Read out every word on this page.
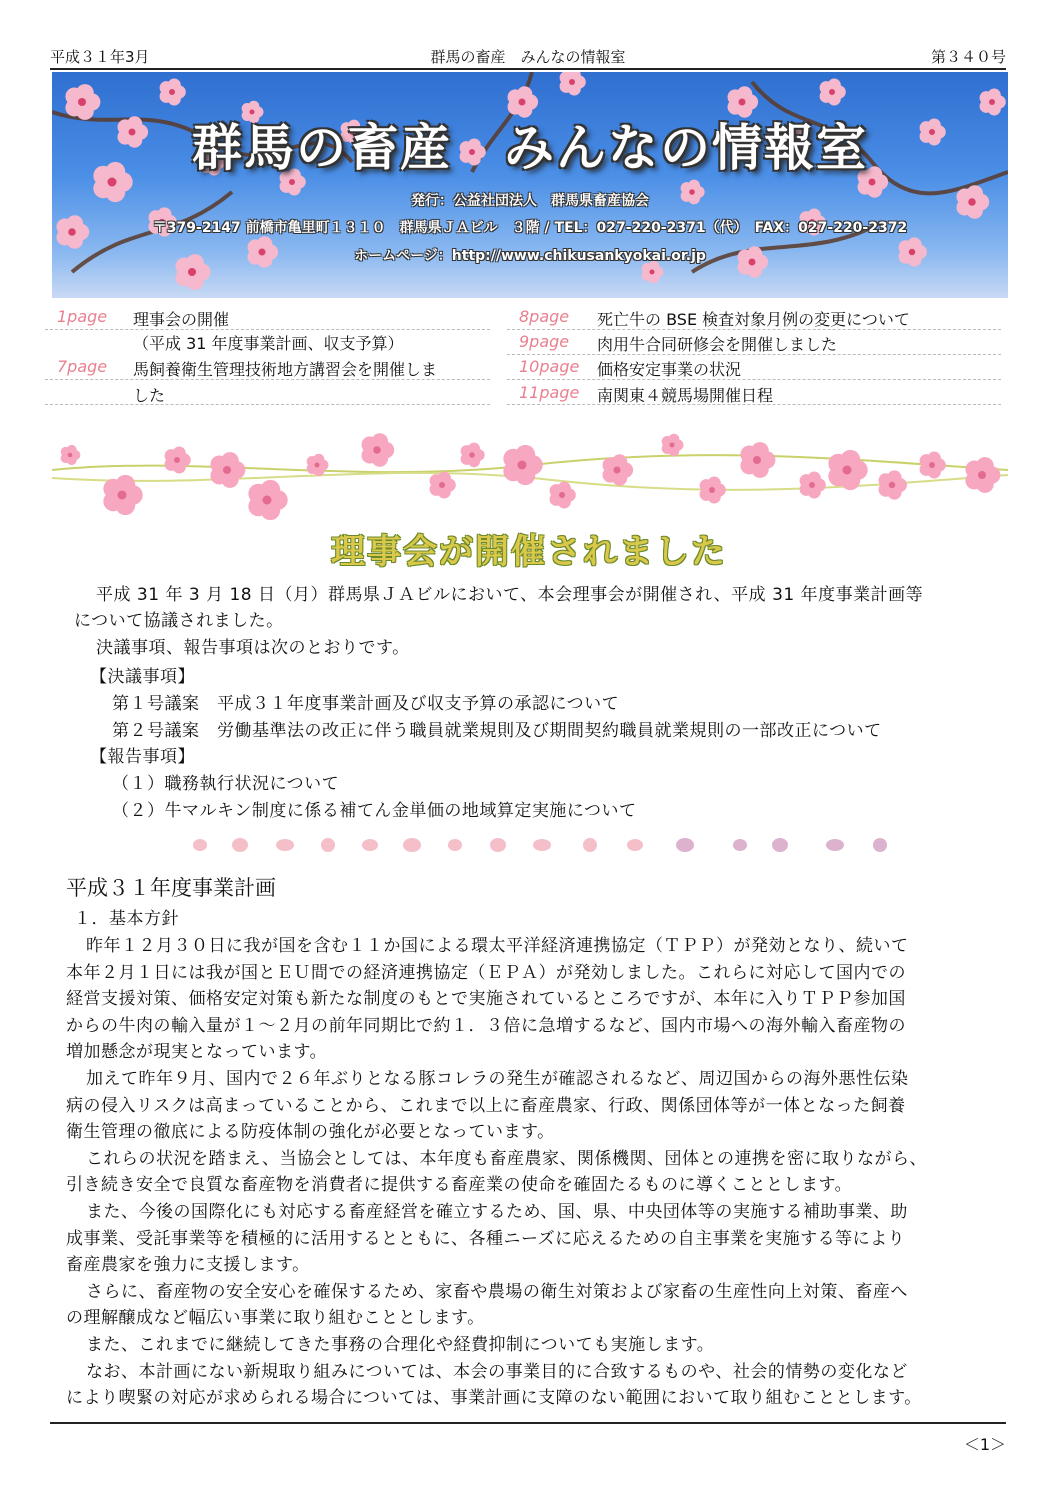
平成３１年3月	群馬の畜産　みんなの情報室	第３４０号
群馬の畜産　みんなの情報室
発行：公益社団法人　群馬県畜産協会
〒379-2147 前橋市亀里町１３１０　群馬県ＪＡビル　３階 / TEL：027-220-2371（代）　FAX：027-220-2372
ホームページ：http://www.chikusankyokai.or.jp
1page 理事会の開催
（平成 31 年度事業計画、収支予算）
7page 馬飼養衛生管理技術地方講習会を開催しま
した
8page 死亡牛の BSE 検査対象月例の変更について
9page 肉用牛合同研修会を開催しました
10page 価格安定事業の状況
11page 南関東４競馬場開催日程
理事会が開催されました
平成 31 年 3 月 18 日（月）群馬県ＪＡビルにおいて、本会理事会が開催され、平成 31 年度事業計画等
について協議されました。
決議事項、報告事項は次のとおりです。
【決議事項】
第１号議案　平成３１年度事業計画及び収支予算の承認について
第２号議案　労働基準法の改正に伴う職員就業規則及び期間契約職員就業規則の一部改正について
【報告事項】
（１）職務執行状況について
（２）牛マルキン制度に係る補てん金単価の地域算定実施について
平成３１年度事業計画
１．基本方針
昨年１２月３０日に我が国を含む１１か国による環太平洋経済連携協定（ＴＰＰ）が発効となり、続いて
本年２月１日には我が国とＥＵ間での経済連携協定（ＥＰＡ）が発効しました。これらに対応して国内での
経営支援対策、価格安定対策も新たな制度のもとで実施されているところですが、本年に入りＴＰＰ参加国
からの牛肉の輸入量が１～２月の前年同期比で約１．３倍に急増するなど、国内市場への海外輸入畜産物の
増加懸念が現実となっています。
加えて昨年９月、国内で２６年ぶりとなる豚コレラの発生が確認されるなど、周辺国からの海外悪性伝染
病の侵入リスクは高まっていることから、これまで以上に畜産農家、行政、関係団体等が一体となった飼養
衛生管理の徹底による防疫体制の強化が必要となっています。
これらの状況を踏まえ、当協会としては、本年度も畜産農家、関係機関、団体との連携を密に取りながら、
引き続き安全で良質な畜産物を消費者に提供する畜産業の使命を確固たるものに導くこととします。
また、今後の国際化にも対応する畜産経営を確立するため、国、県、中央団体等の実施する補助事業、助
成事業、受託事業等を積極的に活用するとともに、各種ニーズに応えるための自主事業を実施する等により
畜産農家を強力に支援します。
さらに、畜産物の安全安心を確保するため、家畜や農場の衛生対策および家畜の生産性向上対策、畜産へ
の理解醸成など幅広い事業に取り組むこととします。
また、これまでに継続してきた事務の合理化や経費抑制についても実施します。
なお、本計画にない新規取り組みについては、本会の事業目的に合致するものや、社会的情勢の変化など
により喫緊の対応が求められる場合については、事業計画に支障のない範囲において取り組むこととします。
＜1＞
